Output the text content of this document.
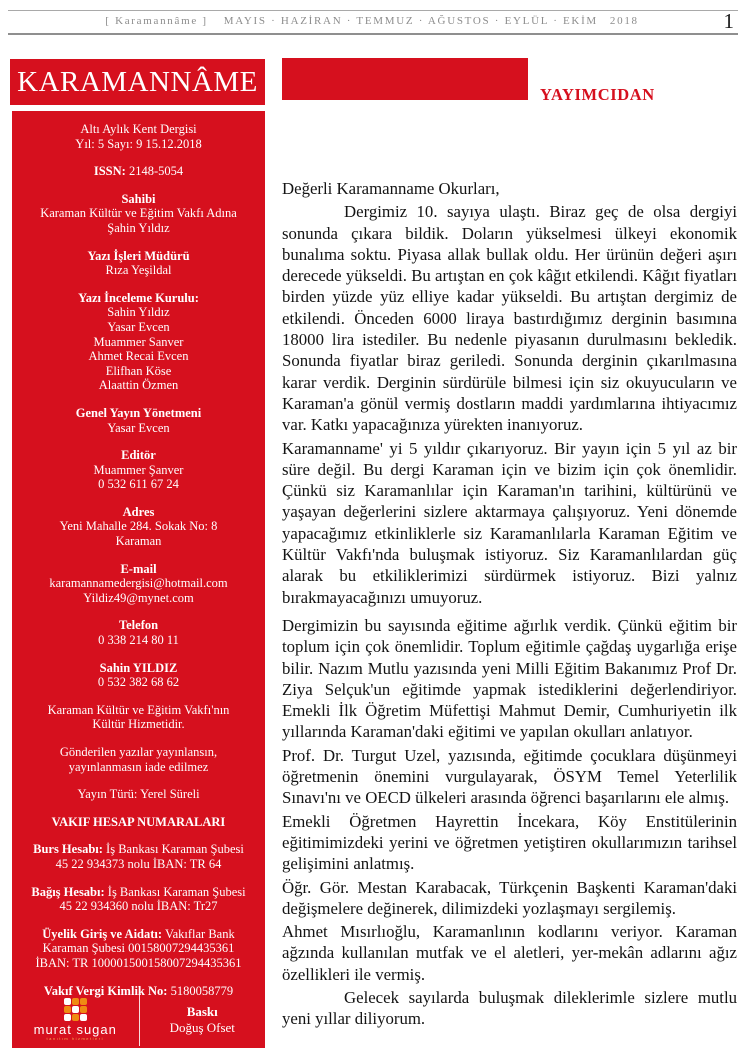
[ Karamannâme ] MAYIS · HAZİRAN · TEMMUZ · AĞUSTOS · EYLÜL · EKİM 2018	1
KARAMANNÂME
Altı Aylık Kent Dergisi
Yıl: 5 Sayı: 9 15.12.2018
ISSN: 2148-5054
Sahibi
Karaman Kültür ve Eğitim Vakfı Adına
Şahin Yıldız
Yazı İşleri Müdürü
Rıza Yeşildal
Yazı İnceleme Kurulu:
Sahin Yıldız
Yasar Evcen
Muammer Sanver
Ahmet Recai Evcen
Elifhan Köse
Alaattin Özmen
Genel Yayın Yönetmeni
Yasar Evcen
Editör
Muammer Şanver
0 532 611 67 24
Adres
Yeni Mahalle 284. Sokak No: 8
Karaman
E-mail
karamannamedergisi@hotmail.com
Yildiz49@mynet.com
Telefon
0 338 214 80 11
Sahin YILDIZ
0 532 382 68 62
Karaman Kültür ve Eğitim Vakfı'nın
Kültür Hizmetidir.
Gönderilen yazılar yayınlansın,
yayınlanmasın iade edilmez
Yayın Türü: Yerel Süreli
VAKIF HESAP NUMARALARI
Burs Hesabı: İş Bankası Karaman Şubesi
45 22 934373 nolu İBAN: TR 64
Bağış Hesabı: İş Bankası Karaman Şubesi
45 22 934360 nolu İBAN: Tr27
Üyelik Giriş ve Aidatı: Vakıflar Bank
Karaman Şubesi 00158007294435361
İBAN: TR 100001500158007294435361
Vakıf Vergi Kimlik No: 5180058779
murat sugan
tanıtım hizmetleri
Baskı
Doğuş Ofset
YAYIMCIDAN

Değerli Karamanname Okurları,

Dergimiz 10. sayıya ulaştı. Biraz geç de olsa dergiyi sonunda çıkara bildik. Doların yükselmesi ülkeyi ekonomik bunalıma soktu. Piyasa allak bullak oldu. Her ürünün değeri aşırı derecede yükseldi. Bu artıştan en çok kâğıt etkilendi. Kâğıt fiyatları birden yüzde yüz elliye kadar yükseldi. Bu artıştan dergimiz de etkilendi. Önceden 6000 liraya bastırdığımız derginin basımına 18000 lira istediler. Bu nedenle piyasanın durulmasını bekledik. Sonunda fiyatlar biraz geriledi. Sonunda derginin çıkarılmasına karar verdik. Derginin sürdürüle bilmesi için siz okuyucuların ve Karaman'a gönül vermiş dostların maddi yardımlarına ihtiyacımız var. Katkı yapacağınıza yürekten inanıyoruz.

Karamanname' yi 5 yıldır çıkarıyoruz. Bir yayın için 5 yıl az bir süre değil. Bu dergi Karaman için ve bizim için çok önemlidir. Çünkü siz Karamanlılar için Karaman'ın tarihini, kültürünü ve yaşayan değerlerini sizlere aktarmaya çalışıyoruz. Yeni dönemde yapacağımız etkinliklerle siz Karamanlılarla Karaman Eğitim ve Kültür Vakfı'nda buluşmak istiyoruz. Siz Karamanlılardan güç alarak bu etkiliklerimizi sürdürmek istiyoruz. Bizi yalnız bırakmayacağınızı umuyoruz.

Dergimizin bu sayısında eğitime ağırlık verdik. Çünkü eğitim bir toplum için çok önemlidir. Toplum eğitimle çağdaş uygarlığa erişe bilir. Nazım Mutlu yazısında yeni Milli Eğitim Bakanımız Prof Dr. Ziya Selçuk'un eğitimde yapmak istediklerini değerlendiriyor. Emekli İlk Öğretim Müfettişi Mahmut Demir, Cumhuriyetin ilk yıllarında Karaman'daki eğitimi ve yapılan okulları anlatıyor.

Prof. Dr. Turgut Uzel, yazısında, eğitimde çocuklara düşünmeyi öğretmenin önemini vurgulayarak, ÖSYM Temel Yeterlilik Sınavı'nı ve OECD ülkeleri arasında öğrenci başarılarını ele almış.

Emekli Öğretmen Hayrettin İncekara, Köy Enstitülerinin eğitimimizdeki yerini ve öğretmen yetiştiren okullarımızın tarihsel gelişimini anlatmış.

Öğr. Gör. Mestan Karabacak, Türkçenin Başkenti Karaman'daki değişmelere değinerek, dilimizdeki yozlaşmayı sergilemiş.

Ahmet Mısırlıoğlu, Karamanlının kodlarını veriyor. Karaman ağzında kullanılan mutfak ve el aletleri, yer-mekân adlarını ağız özellikleri ile vermiş.

Gelecek sayılarda buluşmak dileklerimle sizlere mutlu yeni yıllar diliyorum.
